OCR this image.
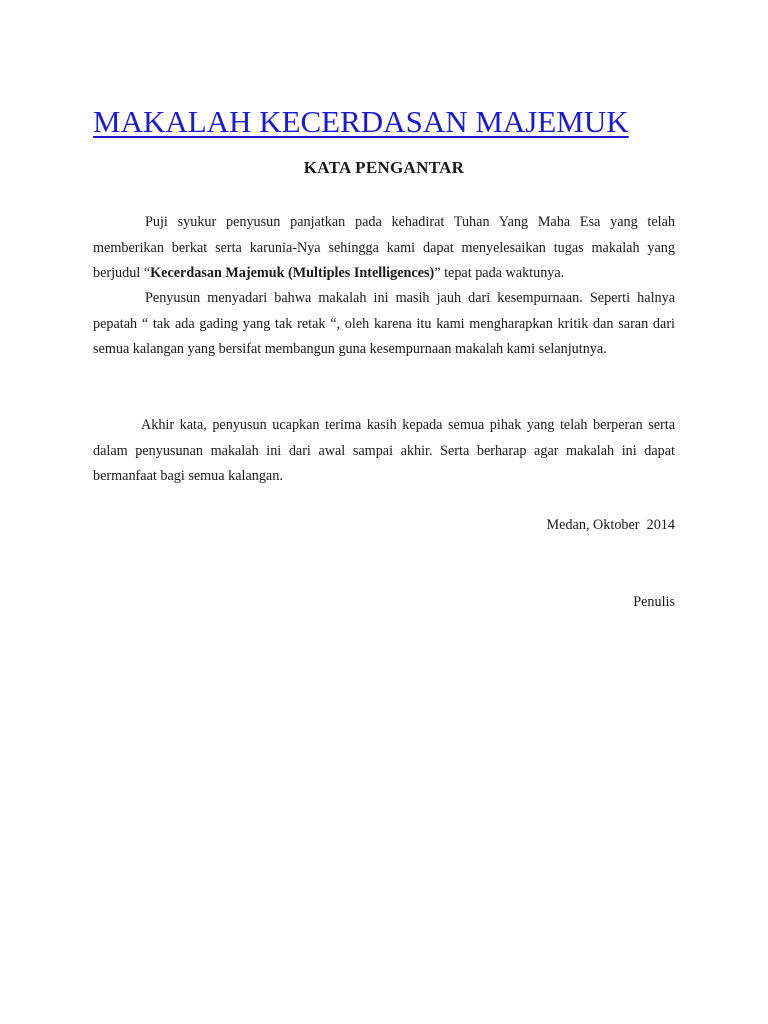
MAKALAH KECERDASAN MAJEMUK
KATA PENGANTAR

Puji syukur penyusun panjatkan pada kehadirat Tuhan Yang Maha Esa yang telah memberikan berkat serta karunia-Nya sehingga kami dapat menyelesaikan tugas makalah yang berjudul “Kecerdasan Majemuk (Multiples Intelligences)” tepat pada waktunya.

Penyusun menyadari bahwa makalah ini masih jauh dari kesempurnaan. Seperti halnya pepatah “ tak ada gading yang tak retak “, oleh karena itu kami mengharapkan kritik dan saran dari semua kalangan yang bersifat membangun guna kesempurnaan makalah kami selanjutnya.

Akhir kata, penyusun ucapkan terima kasih kepada semua pihak yang telah berperan serta dalam penyusunan makalah ini dari awal sampai akhir. Serta berharap agar makalah ini dapat bermanfaat bagi semua kalangan.

Medan, Oktober  2014
Penulis
